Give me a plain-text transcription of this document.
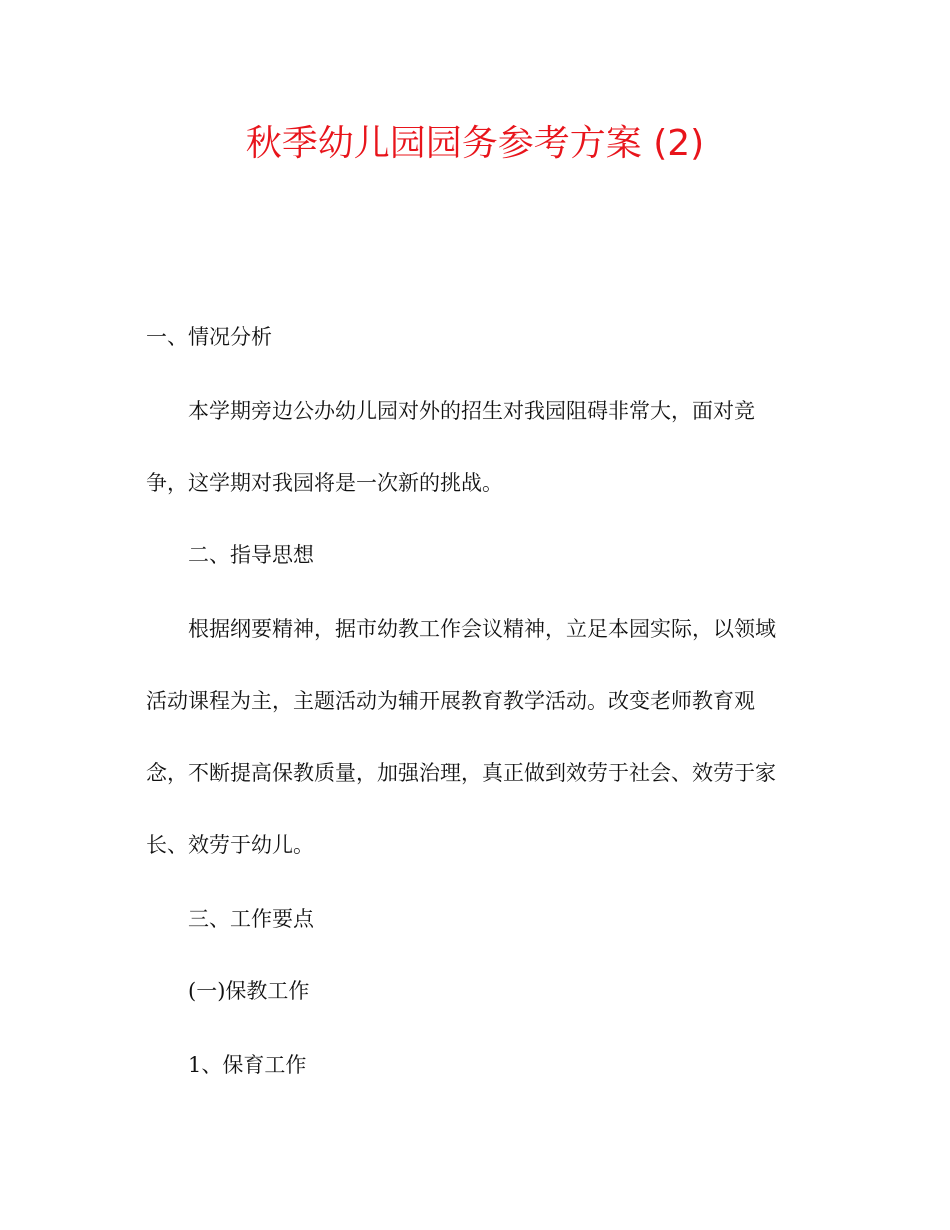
秋季幼儿园园务参考方案 (2)

一、情况分析

本学期旁边公办幼儿园对外的招生对我园阻碍非常大，面对竞

争，这学期对我园将是一次新的挑战。

二、指导思想

根据纲要精神，据市幼教工作会议精神，立足本园实际，以领域

活动课程为主，主题活动为辅开展教育教学活动。改变老师教育观

念，不断提高保教质量，加强治理，真正做到效劳于社会、效劳于家

长、效劳于幼儿。

三、工作要点

(一)保教工作

1、保育工作
